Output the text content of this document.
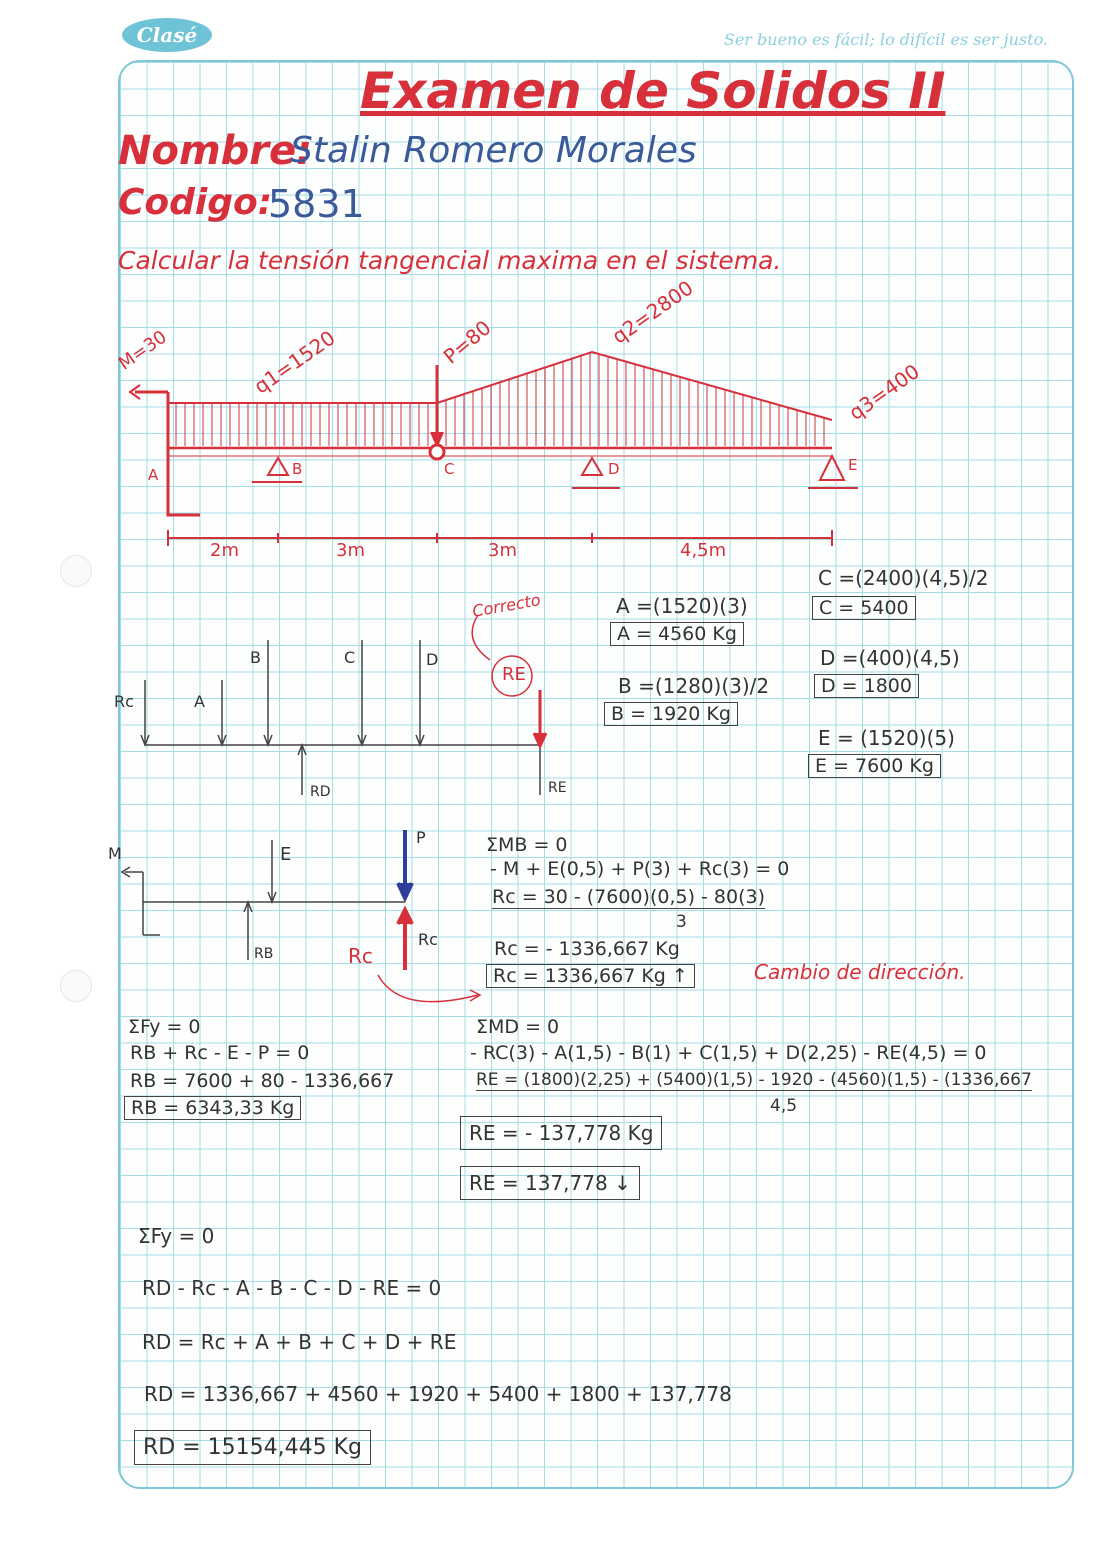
Clasé	Ser bueno es fácil; lo difícil es ser justo.
Examen de Solidos II
Nombre:
Stalin Romero Morales
Codigo:
5831
Calcular la tensión tangencial maxima en el sistema.
M=30	q1=1520	P=80	q2=2800
q3=400
A	B	C	D	E
2m	3m	3m	4,5m
Rc	A
B	C	D
RE
RD	RE
Correcto	A =(1520)(3)
A = 4560 Kg
B =(1280)(3)/2
B = 1920 Kg
C =(2400)(4,5)/2
C = 5400
D =(400)(4,5)
D = 1800
E = (1520)(5)
E = 7600 Kg
M	E
P
RB
Rc
Rc
ΣMB = 0
- M + E(0,5) + P(3) + Rc(3) = 0
Rc = 30 - (7600)(0,5) - 80(3)
3
Rc = - 1336,667 Kg
Rc = 1336,667 Kg ↑	Cambio de dirección.
ΣFy = 0
RB + Rc - E - P = 0
RB = 7600 + 80 - 1336,667
RB = 6343,33 Kg
ΣMD = 0
- RC(3) - A(1,5) - B(1) + C(1,5) + D(2,25) - RE(4,5) = 0
RE = (1800)(2,25) + (5400)(1,5) - 1920 - (4560)(1,5) - (1336,667
4,5
RE = - 137,778 Kg
RE = 137,778 ↓
ΣFy = 0
RD - Rc - A - B - C - D - RE = 0
RD = Rc + A + B + C + D + RE
RD = 1336,667 + 4560 + 1920 + 5400 + 1800 + 137,778
RD = 15154,445 Kg
